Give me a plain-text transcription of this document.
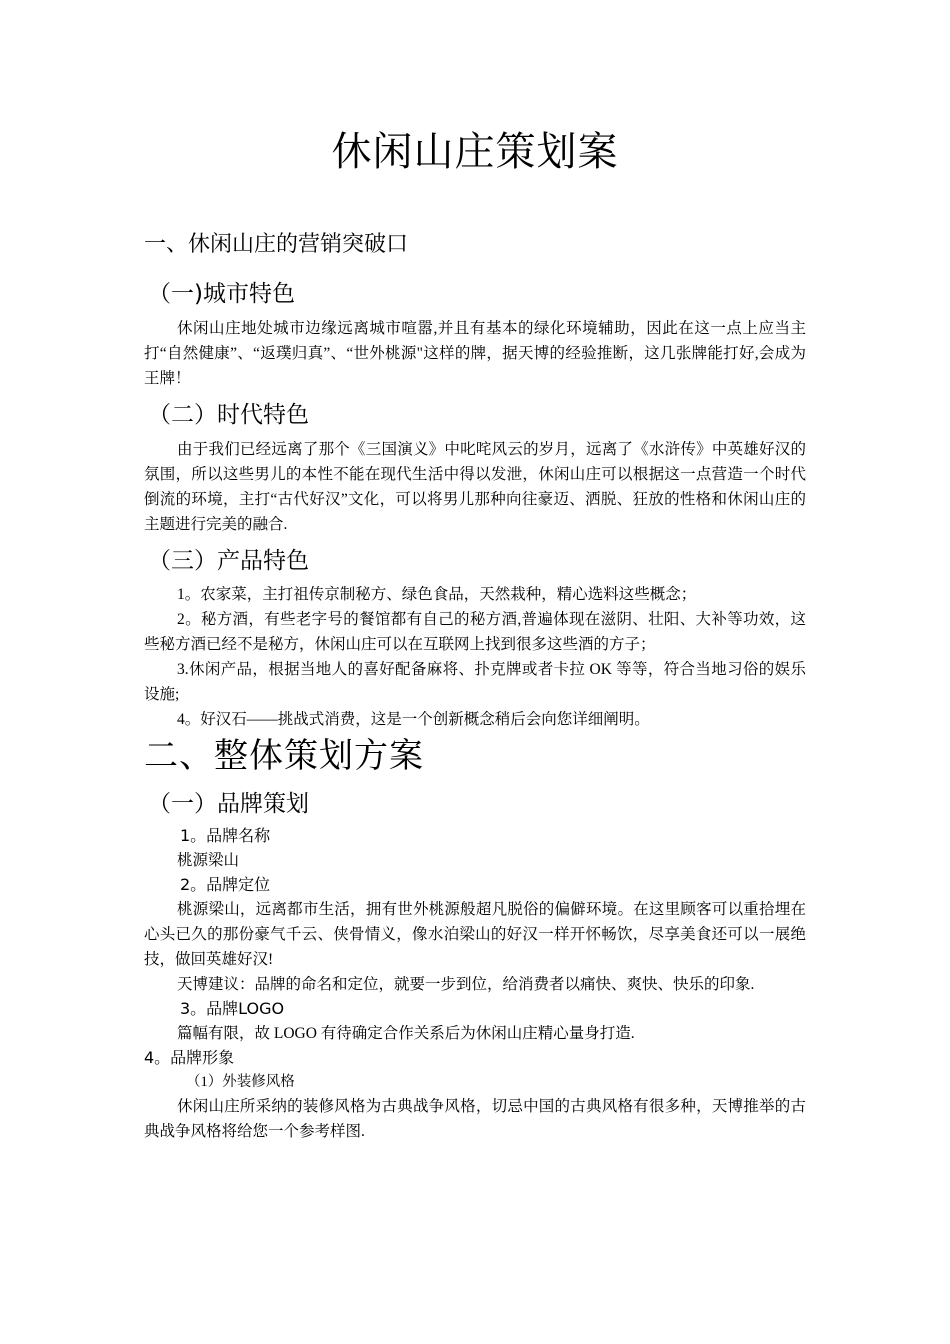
休闲山庄策划案
一、休闲山庄的营销突破口
（一)城市特色

休闲山庄地处城市边缘远离城市喧嚣,并且有基本的绿化环境辅助，因此在这一点上应当主打“自然健康”、“返璞归真”、“世外桃源"这样的牌，据天博的经验推断，这几张牌能打好,会成为王牌！

（二）时代特色

由于我们已经远离了那个《三国演义》中叱咤风云的岁月，远离了《水浒传》中英雄好汉的氛围，所以这些男儿的本性不能在现代生活中得以发泄，休闲山庄可以根据这一点营造一个时代倒流的环境，主打“古代好汉”文化，可以将男儿那种向往豪迈、洒脱、狂放的性格和休闲山庄的主题进行完美的融合.

（三）产品特色

1。农家菜，主打祖传京制秘方、绿色食品，天然栽种，精心选料这些概念；

2。秘方酒，有些老字号的餐馆都有自己的秘方酒,普遍体现在滋阴、壮阳、大补等功效，这些秘方酒已经不是秘方，休闲山庄可以在互联网上找到很多这些酒的方子；

3.休闲产品，根据当地人的喜好配备麻将、扑克牌或者卡拉 OK 等等，符合当地习俗的娱乐设施;

4。好汉石——挑战式消费，这是一个创新概念稍后会向您详细阐明。

二、整体策划方案
（一）品牌策划
1。品牌名称

桃源梁山

2。品牌定位

桃源梁山，远离都市生活，拥有世外桃源般超凡脱俗的偏僻环境。在这里顾客可以重拾埋在心头已久的那份豪气千云、侠骨情义，像水泊梁山的好汉一样开怀畅饮，尽享美食还可以一展绝技，做回英雄好汉!

天博建议：品牌的命名和定位，就要一步到位，给消费者以痛快、爽快、快乐的印象.

3。品牌LOGO

篇幅有限，故 LOGO 有待确定合作关系后为休闲山庄精心量身打造.

4。品牌形象

（1）外装修风格

休闲山庄所采纳的装修风格为古典战争风格，切忌中国的古典风格有很多种，天博推举的古典战争风格将给您一个参考样图.
